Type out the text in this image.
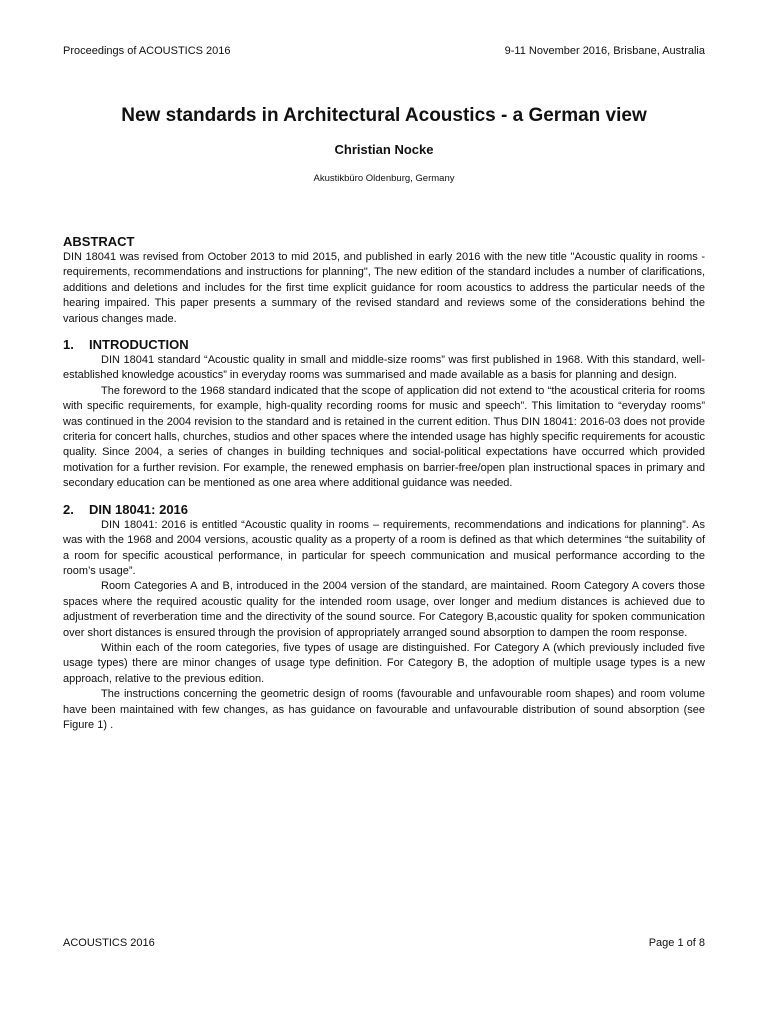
Proceedings of ACOUSTICS 2016	9-11 November 2016, Brisbane, Australia
New standards in Architectural Acoustics - a German view
Christian Nocke
Akustikbüro Oldenburg, Germany
ABSTRACT

DIN 18041 was revised from October 2013 to mid 2015, and published in early 2016 with the new title "Acoustic quality in rooms - requirements, recommendations and instructions for planning", The new edition of the standard includes a number of clarifications, additions and deletions and includes for the first time explicit guidance for room acoustics to address the particular needs of the hearing impaired. This paper presents a summary of the revised standard and reviews some of the considerations behind the various changes made.

1.	INTRODUCTION

DIN 18041 standard “Acoustic quality in small and middle-size rooms” was first published in 1968. With this standard, well-established knowledge acoustics” in everyday rooms was summarised and made available as a basis for planning and design.

The foreword to the 1968 standard indicated that the scope of application did not extend to “the acoustical criteria for rooms with specific requirements, for example, high-quality recording rooms for music and speech”. This limitation to “everyday rooms” was continued in the 2004 revision to the standard and is retained in the current edition. Thus DIN 18041: 2016-03 does not provide criteria for concert halls, churches, studios and other spaces where the intended usage has highly specific requirements for acoustic quality. Since 2004, a series of changes in building techniques and social-political expectations have occurred which provided motivation for a further revision. For example, the renewed emphasis on barrier-free/open plan instructional spaces in primary and secondary education can be mentioned as one area where additional guidance was needed.

2.	DIN 18041: 2016

DIN 18041: 2016 is entitled “Acoustic quality in rooms – requirements, recommendations and indications for planning”. As was with the 1968 and 2004 versions, acoustic quality as a property of a room is defined as that which determines “the suitability of a room for specific acoustical performance, in particular for speech communication and musical performance according to the room’s usage”.

Room Categories A and B, introduced in the 2004 version of the standard, are maintained. Room Category A covers those spaces where the required acoustic quality for the intended room usage, over longer and medium distances is achieved due to adjustment of reverberation time and the directivity of the sound source. For Category B,acoustic quality for spoken communication over short distances is ensured through the provision of appropriately arranged sound absorption to dampen the room response.

Within each of the room categories, five types of usage are distinguished. For Category A (which previously included five usage types) there are minor changes of usage type definition. For Category B, the adoption of multiple usage types is a new approach, relative to the previous edition.

The instructions concerning the geometric design of rooms (favourable and unfavourable room shapes) and room volume have been maintained with few changes, as has guidance on favourable and unfavourable distribution of sound absorption (see Figure 1) .

ACOUSTICS 2016	Page 1 of 8
